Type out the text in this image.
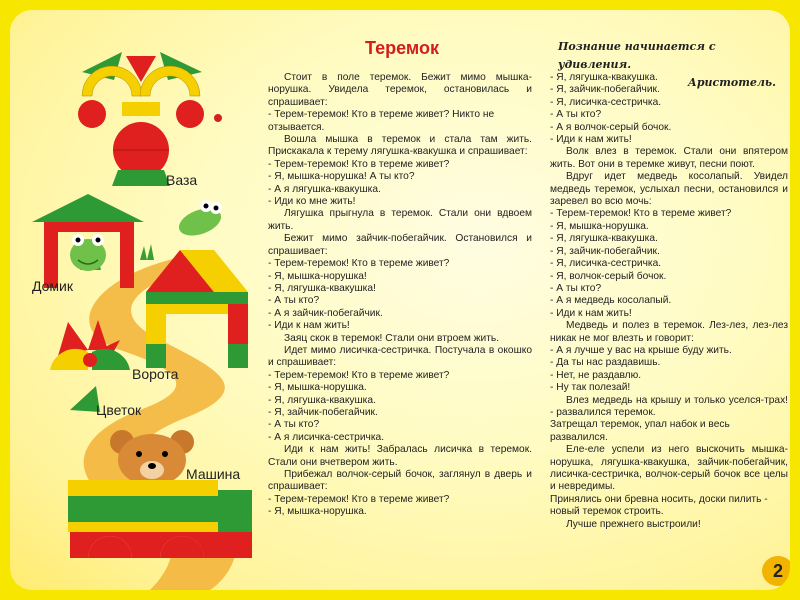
Ваза
Домик
Ворота
Цветок
Машина
Теремок	Познание начинается с удивления.
Аристотель.

Стоит в поле теремок. Бежит мимо мышка-норушка. Увидела теремок, остановилась и спрашивает:

- Терем-теремок! Кто в тереме живет? Никто не отзывается.

Вошла мышка в теремок и стала там жить. Прискакала к терему лягушка-квакушка и спрашивает:

- Терем-теремок! Кто в тереме живет?

- Я, мышка-норушка! А ты кто?

- А я лягушка-квакушка.

- Иди ко мне жить!

Лягушка прыгнула в теремок. Стали они вдвоем жить.

Бежит мимо зайчик-побегайчик. Остановился и спрашивает:

- Терем-теремок! Кто в тереме живет?

- Я, мышка-норушка!

- Я, лягушка-квакушка!

- А ты кто?

- А я зайчик-побегайчик.

- Иди к нам жить!

Заяц скок в теремок! Стали они втроем жить.

Идет мимо лисичка-сестричка. Постучала в окошко и спрашивает:

- Терем-теремок! Кто в тереме живет?

- Я, мышка-норушка.

- Я, лягушка-квакушка.

- Я, зайчик-побегайчик.

- А ты кто?

- А я лисичка-сестричка.

Иди к нам жить! Забралась лисичка в теремок. Стали они вчетвером жить.

Прибежал волчок-серый бочок, заглянул в дверь и спрашивает:

- Терем-теремок! Кто в тереме живет?

- Я, мышка-норушка.

- Я, лягушка-квакушка.

- Я, зайчик-побегайчик.

- Я, лисичка-сестричка.

- А ты кто?

- А я волчок-серый бочок.

- Иди к нам жить!

Волк влез в теремок. Стали они впятером жить. Вот они в теремке живут, песни поют.

Вдруг идет медведь косолапый. Увидел медведь теремок, услыхал песни, остановился и заревел во всю мочь:

- Терем-теремок! Кто в тереме живет?

- Я, мышка-норушка.

- Я, лягушка-квакушка.

- Я, зайчик-побегайчик.

- Я, лисичка-сестричка.

- Я, волчок-серый бочок.

- А ты кто?

- А я медведь косолапый.

- Иди к нам жить!

Медведь и полез в теремок. Лез-лез, лез-лез никак не мог влезть и говорит:

- А я лучше у вас на крыше буду жить.

- Да ты нас раздавишь.

- Нет, не раздавлю.

- Ну так полезай!

Влез медведь на крышу и только уселся-трах! - развалился теремок.

Затрещал теремок, упал набок и весь развалился.

Еле-еле успели из него выскочить мышка-норушка, лягушка-квакушка, зайчик-побегайчик, лисичка-сестричка, волчок-серый бочок все целы и невредимы.

Принялись они бревна носить, доски пилить - новый теремок строить.

Лучше прежнего выстроили!

2
